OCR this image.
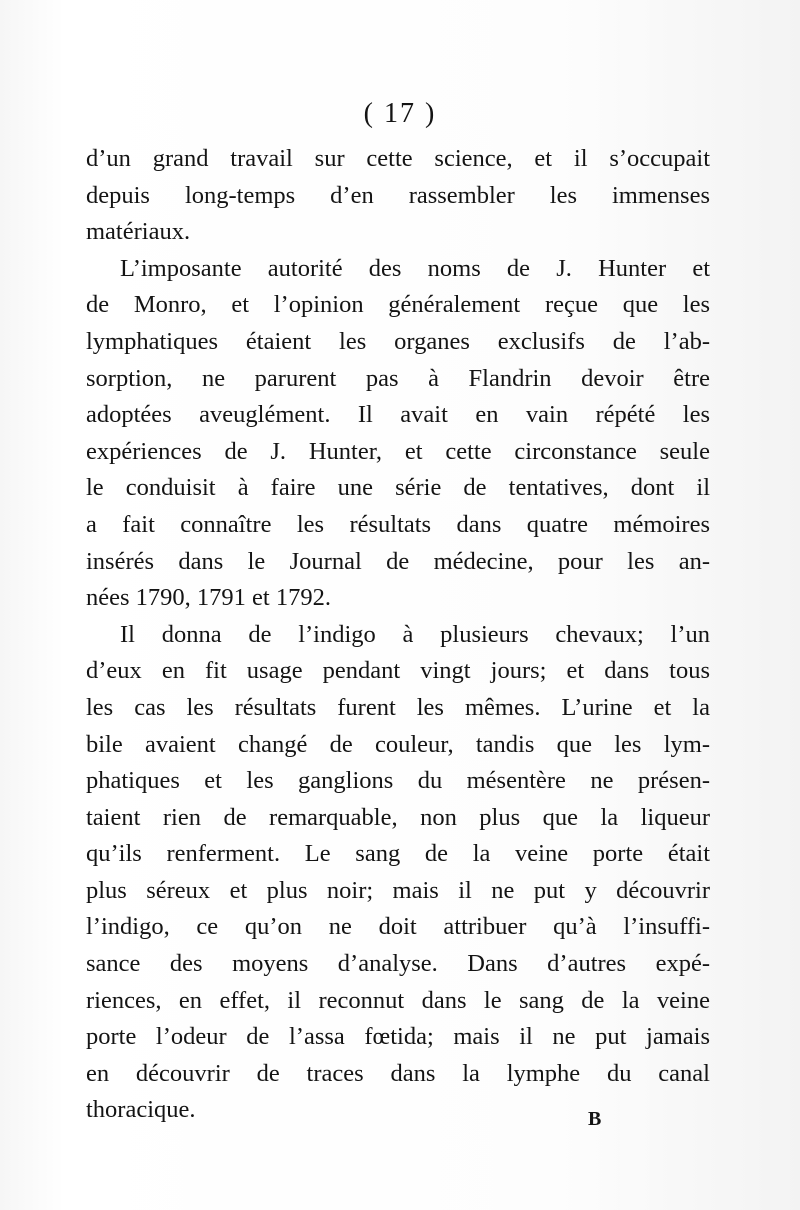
( 17 )
d’un grand travail sur cette science, et il s’occupait
depuis long-temps d’en rassembler les immenses
matériaux.
L’imposante autorité des noms de J. Hunter et
de Monro, et l’opinion généralement reçue que les
lymphatiques étaient les organes exclusifs de l’ab-
sorption, ne parurent pas à Flandrin devoir être
adoptées aveuglément. Il avait en vain répété les
expériences de J. Hunter, et cette circonstance seule
le conduisit à faire une série de tentatives, dont il
a fait connaître les résultats dans quatre mémoires
insérés dans le Journal de médecine, pour les an-
nées 1790, 1791 et 1792.
Il donna de l’indigo à plusieurs chevaux; l’un
d’eux en fit usage pendant vingt jours; et dans tous
les cas les résultats furent les mêmes. L’urine et la
bile avaient changé de couleur, tandis que les lym-
phatiques et les ganglions du mésentère ne présen-
taient rien de remarquable, non plus que la liqueur
qu’ils renferment. Le sang de la veine porte était
plus séreux et plus noir; mais il ne put y découvrir
l’indigo, ce qu’on ne doit attribuer qu’à l’insuffi-
sance des moyens d’analyse. Dans d’autres expé-
riences, en effet, il reconnut dans le sang de la veine
porte l’odeur de l’assa fœtida; mais il ne put jamais
en découvrir de traces dans la lymphe du canal
thoracique.	B
